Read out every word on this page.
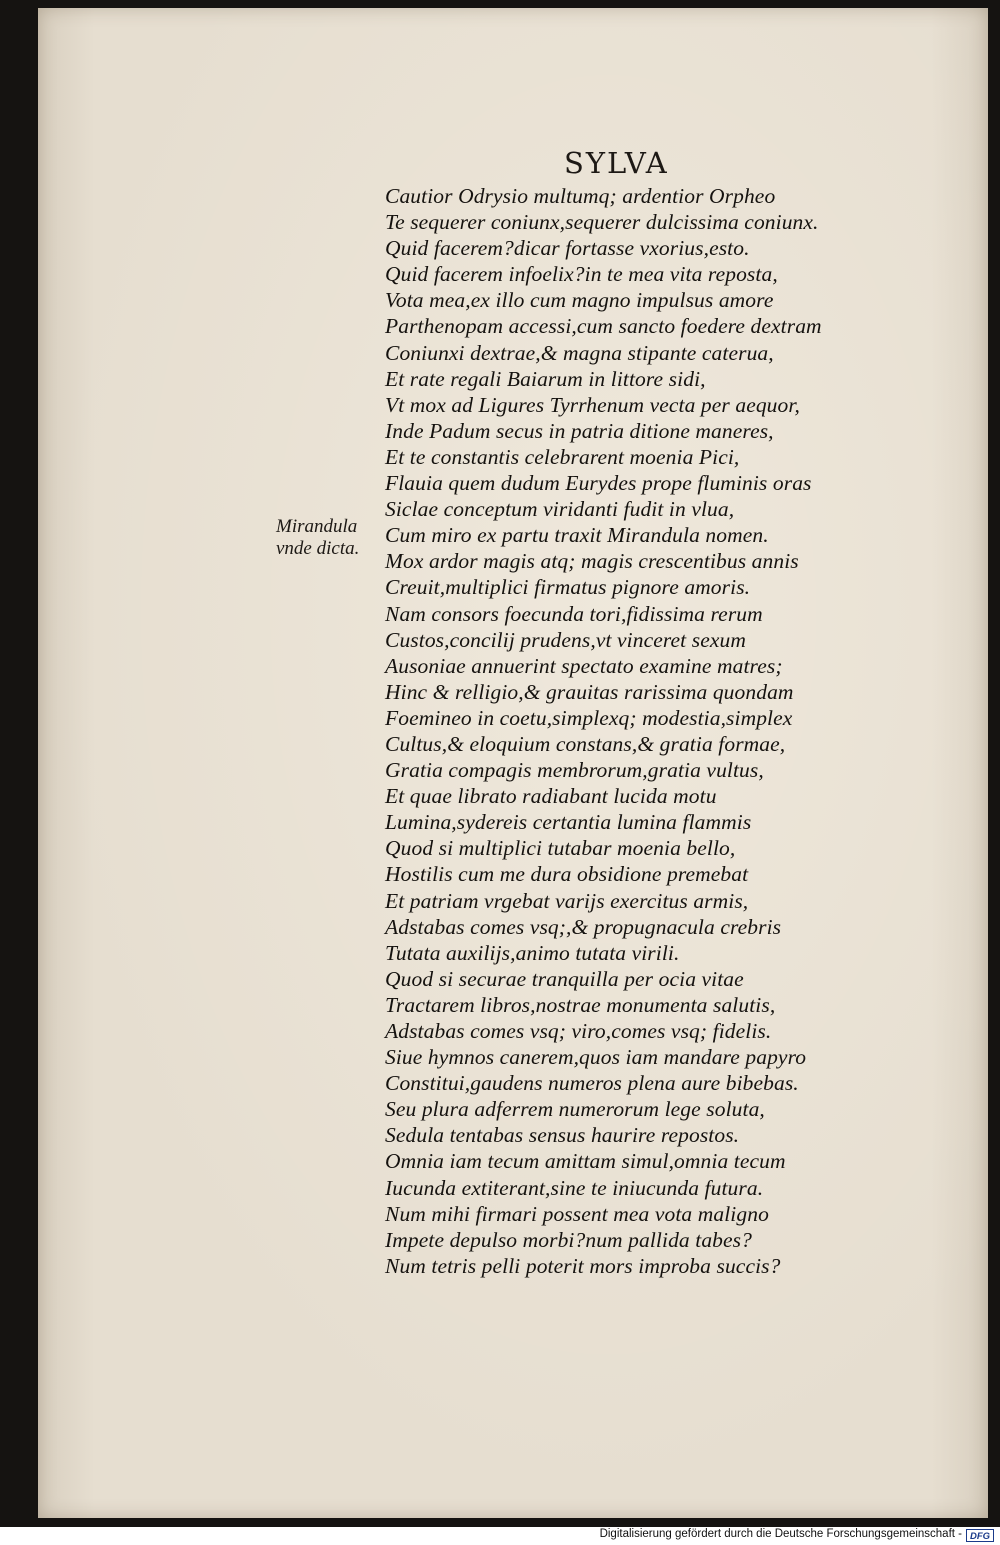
SYLVA

Mirandula
vnde dicta.

Cautior Odrysio multumq; ardentior Orpheo
Te sequerer coniunx,sequerer dulcissima coniunx.
Quid facerem?dicar fortasse vxorius,esto.
Quid facerem infoelix?in te mea vita reposta,
Vota mea,ex illo cum magno impulsus amore
Parthenopam accessi,cum sancto foedere dextram
Coniunxi dextrae,& magna stipante caterua,
Et rate regali Baiarum in littore sidi,
Vt mox ad Ligures Tyrrhenum vecta per aequor,
Inde Padum secus in patria ditione maneres,
Et te constantis celebrarent moenia Pici,
Flauia quem dudum Eurydes prope fluminis oras
Siclae conceptum viridanti fudit in vlua,
Cum miro ex partu traxit Mirandula nomen.
Mox ardor magis atq; magis crescentibus annis
Creuit,multiplici firmatus pignore amoris.
Nam consors foecunda tori,fidissima rerum
Custos,concilij prudens,vt vinceret sexum
Ausoniae annuerint spectato examine matres;
Hinc & relligio,& grauitas rarissima quondam
Foemineo in coetu,simplexq; modestia,simplex
Cultus,& eloquium constans,& gratia formae,
Gratia compagis membrorum,gratia vultus,
Et quae librato radiabant lucida motu
Lumina,sydereis certantia lumina flammis
Quod si multiplici tutabar moenia bello,
Hostilis cum me dura obsidione premebat
Et patriam vrgebat varijs exercitus armis,
Adstabas comes vsq;,& propugnacula crebris
Tutata auxilijs,animo tutata virili.
Quod si securae tranquilla per ocia vitae
Tractarem libros,nostrae monumenta salutis,
Adstabas comes vsq; viro,comes vsq; fidelis.
Siue hymnos canerem,quos iam mandare papyro
Constitui,gaudens numeros plena aure bibebas.
Seu plura adferrem numerorum lege soluta,
Sedula tentabas sensus haurire repostos.
Omnia iam tecum amittam simul,omnia tecum
Iucunda extiterant,sine te iniucunda futura.
Num mihi firmari possent mea vota maligno
Impete depulso morbi?num pallida tabes?
Num tetris pelli poterit mors improba succis?
Digitalisierung gefördert durch die Deutsche Forschungsgemeinschaft - DFG
